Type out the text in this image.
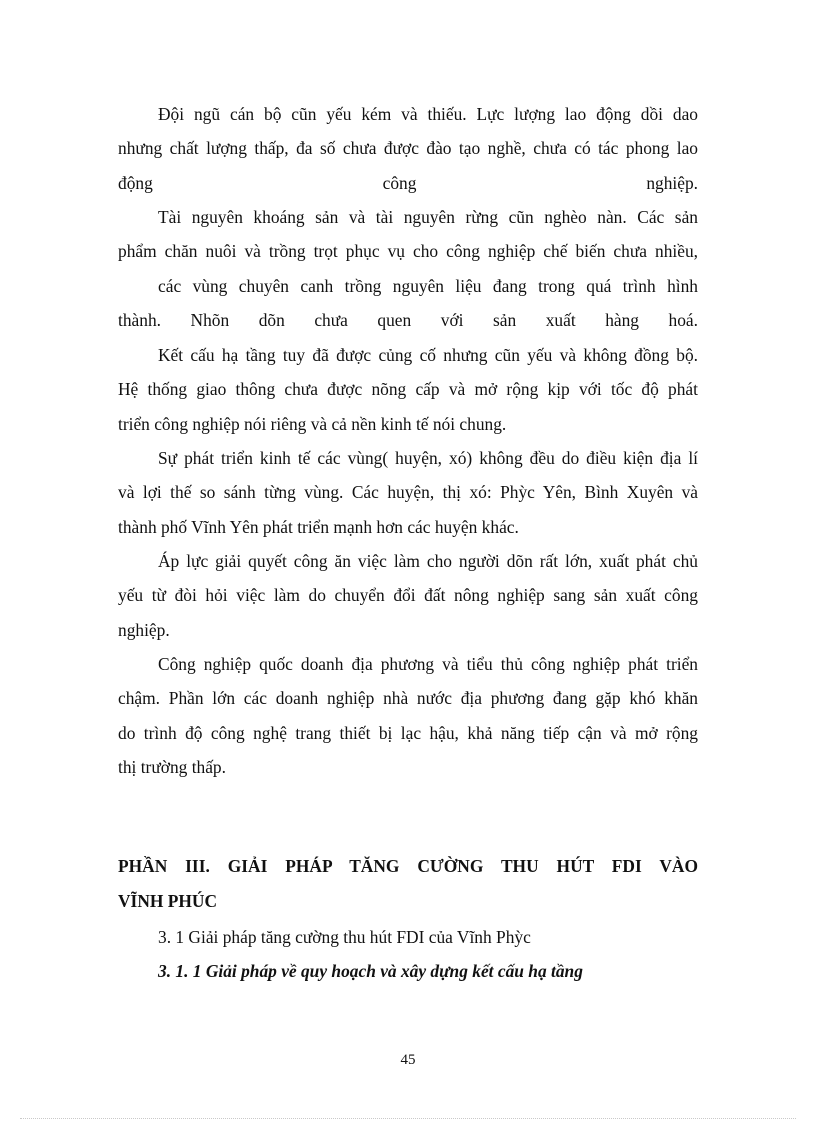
Đội ngũ cán bộ cũn yếu kém và thiếu. Lực lượng lao động dồi dao

nhưng chất lượng thấp, đa số chưa được đào tạo nghề, chưa có tác phong lao

động công nghiệp.

Tài nguyên khoáng sản và tài nguyên rừng cũn nghèo nàn. Các sản

phẩm chăn nuôi và trồng trọt phục vụ cho công nghiệp chế biến chưa nhiều,

các vùng chuyên canh trồng nguyên liệu đang trong quá trình hình

thành. Nhõn dõn chưa quen với sản xuất hàng hoá.

Kết cấu hạ tầng tuy đã được củng cố nhưng cũn yếu và không đồng bộ.

Hệ thống giao thông chưa được nõng cấp và mở rộng kịp với tốc độ phát

triển công nghiệp nói riêng và cả nền kinh tế nói chung.

Sự phát triển kinh tế các vùng( huyện, xó) không đều do điều kiện địa lí

và lợi thế so sánh từng vùng. Các huyện, thị xó: Phỳc Yên, Bình Xuyên và

thành phố Vĩnh Yên phát triển mạnh hơn các huyện khác.

Áp lực giải quyết công ăn việc làm cho người dõn rất lớn, xuất phát chủ

yếu từ đòi hỏi việc làm do chuyển đổi đất nông nghiệp sang sản xuất công

nghiệp.

Công nghiệp quốc doanh địa phương và tiểu thủ công nghiệp phát triển

chậm. Phần lớn các doanh nghiệp nhà nước địa phương đang gặp khó khăn

do trình độ công nghệ trang thiết bị lạc hậu, khả năng tiếp cận và mở rộng

thị trường thấp.

PHẦN III. GIẢI PHÁP TĂNG CƯỜNG THU HÚT FDI VÀO

VĨNH PHÚC

3. 1 Giải pháp tăng cường thu hút FDI của Vĩnh Phỳc

3. 1. 1 Giải pháp về quy hoạch và xây dựng kết cấu hạ tầng

45
